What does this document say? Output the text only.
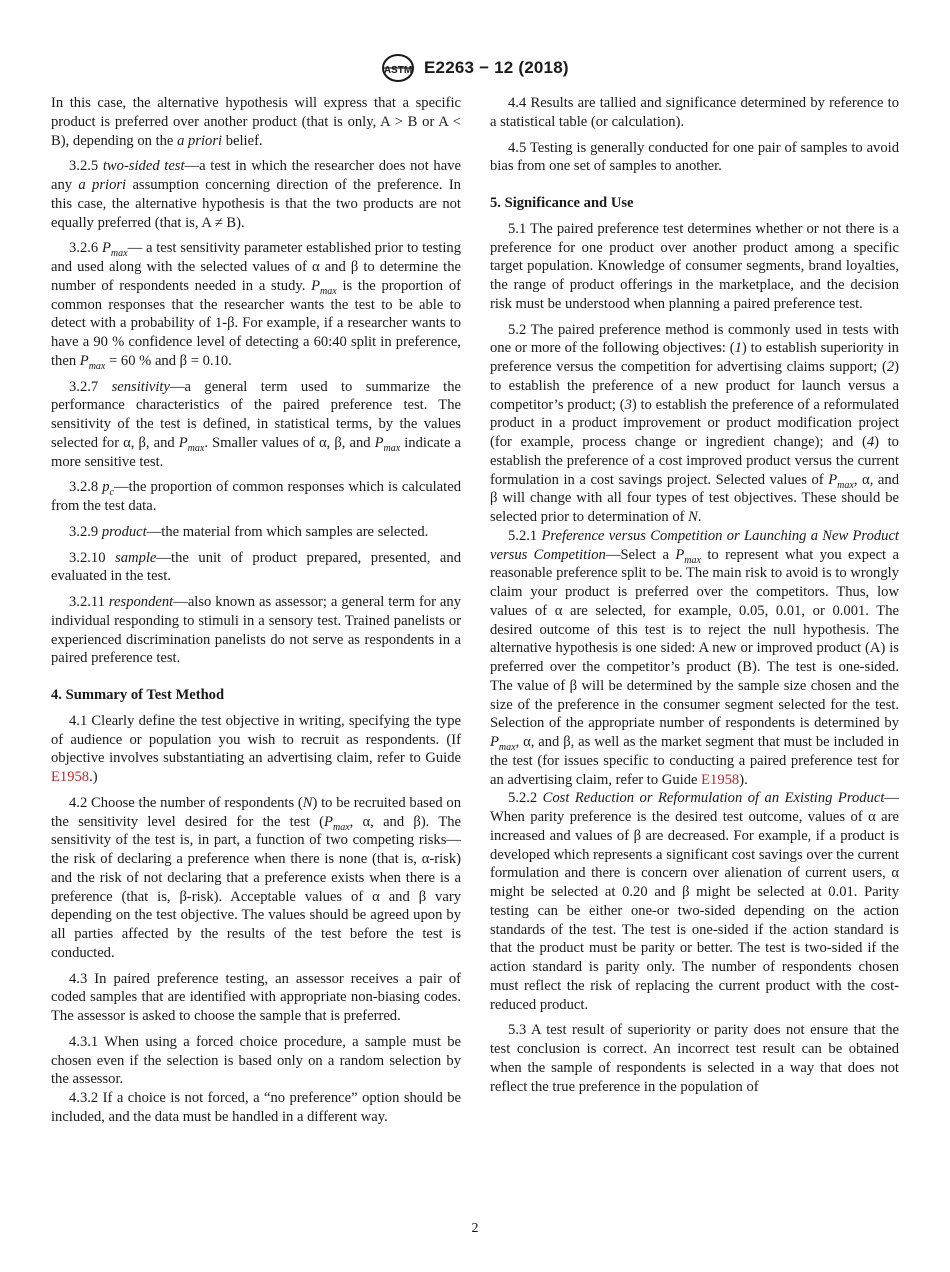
ASTM E2263 − 12 (2018)

In this case, the alternative hypothesis will express that a specific product is preferred over another product (that is only, A > B or A < B), depending on the a priori belief.

3.2.5 two-sided test—a test in which the researcher does not have any a priori assumption concerning direction of the preference. In this case, the alternative hypothesis is that the two products are not equally preferred (that is, A ≠ B).

3.2.6 $P_{max}—$ a test sensitivity parameter established prior to testing and used along with the selected values of α and β to determine the number of respondents needed in a study. $P_{max}$ is the proportion of common responses that the researcher wants the test to be able to detect with a probability of 1-β. For example, if a researcher wants to have a 90 % confidence level of detecting a 60:40 split in preference, then $P_{max} = 60$ % and β = 0.10.

3.2.7 sensitivity—a general term used to summarize the performance characteristics of the paired preference test. The sensitivity of the test is defined, in statistical terms, by the values selected for α, β, and $P_{max}$. Smaller values of α, β, and $P_{max}$ indicate a more sensitive test.

3.2.8 $p_c—the$ proportion of common responses which is calculated from the test data.

3.2.9 product—the material from which samples are selected.

3.2.10 sample—the unit of product prepared, presented, and evaluated in the test.

3.2.11 respondent—also known as assessor; a general term for any individual responding to stimuli in a sensory test. Trained panelists or experienced discrimination panelists do not serve as respondents in a paired preference test.

4. Summary of Test Method

4.1 Clearly define the test objective in writing, specifying the type of audience or population you wish to recruit as respondents. (If objective involves substantiating an advertising claim, refer to Guide E1958.)

4.2 Choose the number of respondents (N) to be recruited based on the sensitivity level desired for the test ($P_{max}$, α, and β). The sensitivity of the test is, in part, a function of two competing risks—the risk of declaring a preference when there is none (that is, α-risk) and the risk of not declaring that a preference exists when there is a preference (that is, β-risk). Acceptable values of α and β vary depending on the test objective. The values should be agreed upon by all parties affected by the results of the test before the test is conducted.

4.3 In paired preference testing, an assessor receives a pair of coded samples that are identified with appropriate non-biasing codes. The assessor is asked to choose the sample that is preferred.

4.3.1 When using a forced choice procedure, a sample must be chosen even if the selection is based only on a random selection by the assessor.

4.3.2 If a choice is not forced, a “no preference” option should be included, and the data must be handled in a different way.

4.4 Results are tallied and significance determined by reference to a statistical table (or calculation).

4.5 Testing is generally conducted for one pair of samples to avoid bias from one set of samples to another.

5. Significance and Use

5.1 The paired preference test determines whether or not there is a preference for one product over another product among a specific target population. Knowledge of consumer segments, brand loyalties, the range of product offerings in the marketplace, and the decision risk must be understood when planning a paired preference test.

5.2 The paired preference method is commonly used in tests with one or more of the following objectives: (1) to establish superiority in preference versus the competition for advertising claims support; (2) to establish the preference of a new product for launch versus a competitor’s product; (3) to establish the preference of a reformulated product in a product improvement or product modification project (for example, process change or ingredient change); and (4) to establish the preference of a cost improved product versus the current formulation in a cost savings project. Selected values of $P_{max}$, α, and β will change with all four types of test objectives. These should be selected prior to determination of N.

5.2.1 Preference versus Competition or Launching a New Product versus Competition—Select a $P_{max}$ to represent what you expect a reasonable preference split to be. The main risk to avoid is to wrongly claim your product is preferred over the competitors. Thus, low values of α are selected, for example, 0.05, 0.01, or 0.001. The desired outcome of this test is to reject the null hypothesis. The alternative hypothesis is one sided: A new or improved product (A) is preferred over the competitor’s product (B). The test is one-sided. The value of β will be determined by the sample size chosen and the size of the preference in the consumer segment selected for the test. Selection of the appropriate number of respondents is determined by $P_{max}$, α, and β, as well as the market segment that must be included in the test (for issues specific to conducting a paired preference test for an advertising claim, refer to Guide E1958).

5.2.2 Cost Reduction or Reformulation of an Existing Product—When parity preference is the desired test outcome, values of α are increased and values of β are decreased. For example, if a product is developed which represents a significant cost savings over the current formulation and there is concern over alienation of current users, α might be selected at 0.20 and β might be selected at 0.01. Parity testing can be either one-or two-sided depending on the action standards of the test. The test is one-sided if the action standard is that the product must be parity or better. The test is two-sided if the action standard is parity only. The number of respondents chosen must reflect the risk of replacing the current product with the cost-reduced product.

5.3 A test result of superiority or parity does not ensure that the test conclusion is correct. An incorrect test result can be obtained when the sample of respondents is selected in a way that does not reflect the true preference in the population of

2
